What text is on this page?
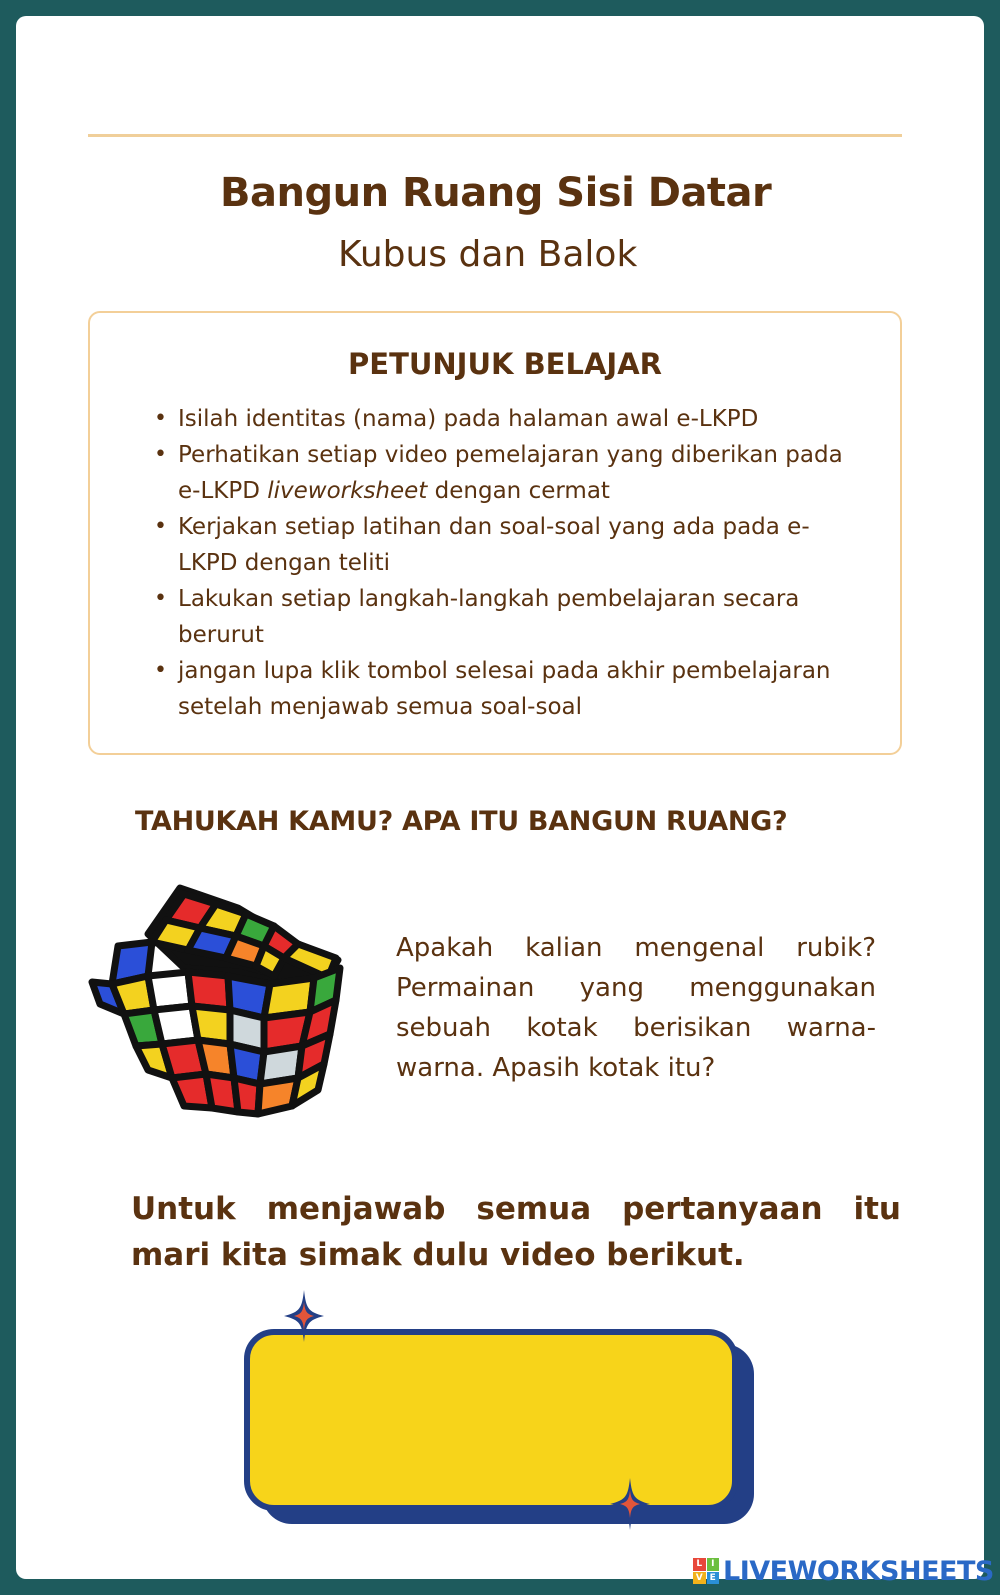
Bangun Ruang Sisi Datar
Kubus dan Balok
PETUNJUK BELAJAR
• Isilah identitas (nama) pada halaman awal e-LKPD
• Perhatikan setiap video pemelajaran yang diberikan pada e-LKPD liveworksheet dengan cermat
• Kerjakan setiap latihan dan soal-soal yang ada pada e-LKPD dengan teliti
• Lakukan setiap langkah-langkah pembelajaran secara berurut
• jangan lupa klik tombol selesai pada akhir pembelajaran setelah menjawab semua soal-soal
TAHUKAH KAMU? APA ITU BANGUN RUANG?
Apakah kalian mengenal rubik? Permainan yang menggunakan sebuah kotak berisikan warna-warna. Apasih kotak itu?
Untuk menjawab semua pertanyaan itu mari kita simak dulu video berikut.
L I
V E LIVEWORKSHEETS
